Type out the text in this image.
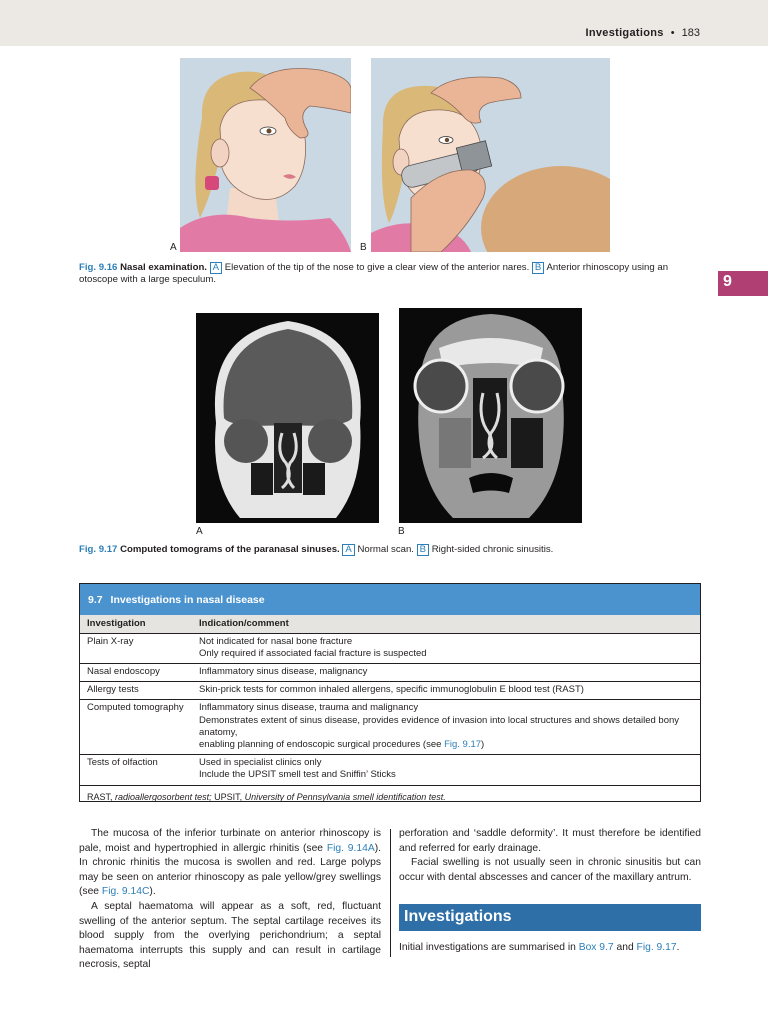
Investigations • 183
9
A	B
Fig. 9.16 Nasal examination. A Elevation of the tip of the nose to give a clear view of the anterior nares. B Anterior rhinoscopy using an otoscope with a large speculum.
A	B
Fig. 9.17 Computed tomograms of the paranasal sinuses. A Normal scan. B Right-sided chronic sinusitis.
9.7 Investigations in nasal disease
Investigation	Indication/comment
Plain X-ray	Not indicated for nasal bone fracture
Only required if associated facial fracture is suspected

Nasal endoscopy	Inflammatory sinus disease, malignancy

Allergy tests	Skin-prick tests for common inhaled allergens, specific immunoglobulin E blood test (RAST)

Computed tomography	Inflammatory sinus disease, trauma and malignancy
Demonstrates extent of sinus disease, provides evidence of invasion into local structures and shows detailed bony anatomy,
enabling planning of endoscopic surgical procedures (see Fig. 9.17)

Tests of olfaction	Used in specialist clinics only
Include the UPSIT smell test and Sniffin’ Sticks
RAST, radioallergosorbent test; UPSIT, University of Pennsylvania smell identification test.

The mucosa of the inferior turbinate on anterior rhinoscopy is pale, moist and hypertrophied in allergic rhinitis (see Fig. 9.14A). In chronic rhinitis the mucosa is swollen and red. Large polyps may be seen on anterior rhinoscopy as pale yellow/grey swellings (see Fig. 9.14C).

A septal haematoma will appear as a soft, red, fluctuant swelling of the anterior septum. The septal cartilage receives its blood supply from the overlying perichondrium; a septal haematoma interrupts this supply and can result in cartilage necrosis, septal

perforation and ‘saddle deformity’. It must therefore be identified and referred for early drainage.

Facial swelling is not usually seen in chronic sinusitis but can occur with dental abscesses and cancer of the maxillary antrum.

Investigations

Initial investigations are summarised in Box 9.7 and Fig. 9.17.
